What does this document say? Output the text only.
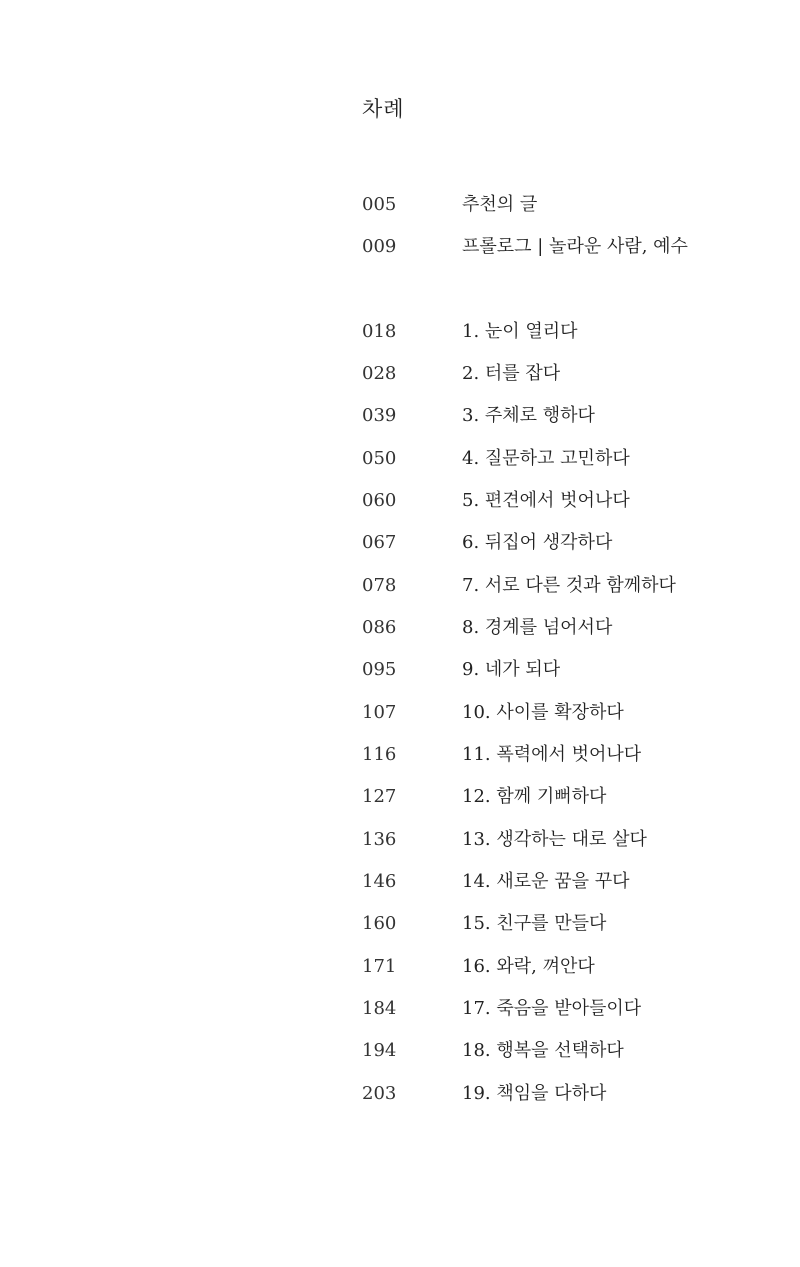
차례
005	추천의 글
009	프롤로그 | 놀라운 사람, 예수
018	1. 눈이 열리다
028	2. 터를 잡다
039	3. 주체로 행하다
050	4. 질문하고 고민하다
060	5. 편견에서 벗어나다
067	6. 뒤집어 생각하다
078	7. 서로 다른 것과 함께하다
086	8. 경계를 넘어서다
095	9. 네가 되다
107	10. 사이를 확장하다
116	11. 폭력에서 벗어나다
127	12. 함께 기뻐하다
136	13. 생각하는 대로 살다
146	14. 새로운 꿈을 꾸다
160	15. 친구를 만들다
171	16. 와락, 껴안다
184	17. 죽음을 받아들이다
194	18. 행복을 선택하다
203	19. 책임을 다하다
